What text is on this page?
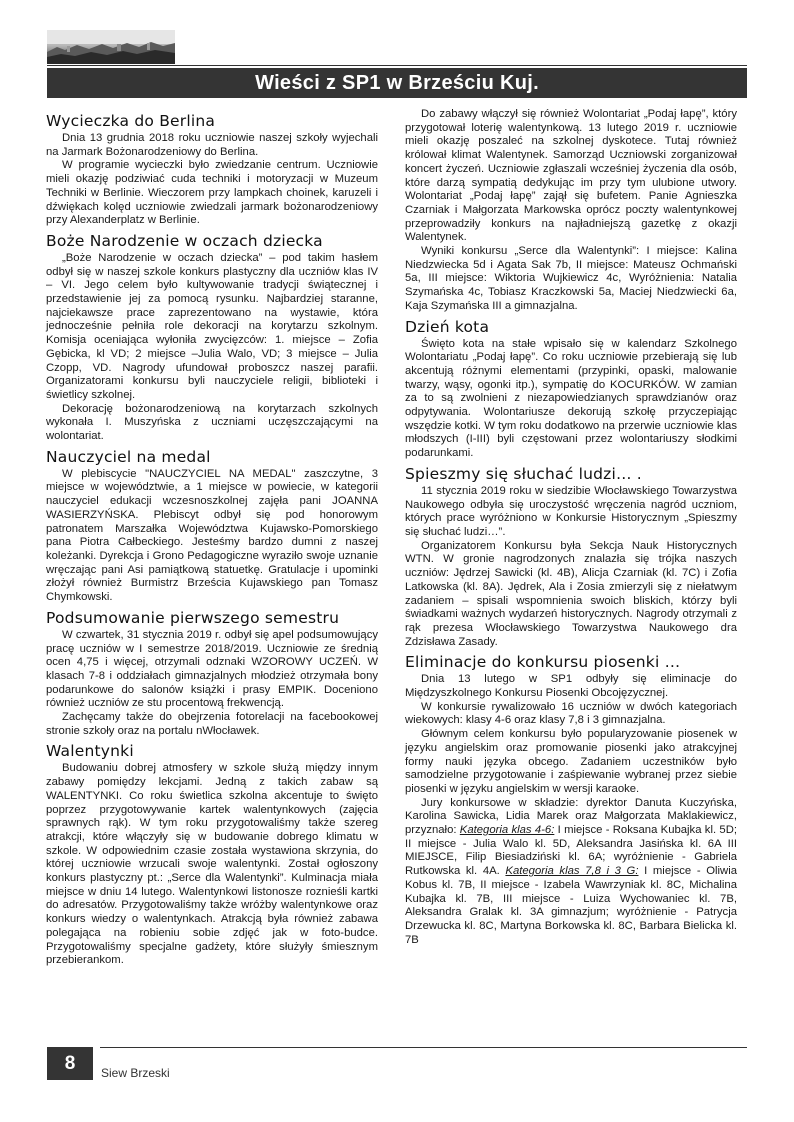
Wieści z SP1 w Brześciu Kuj.
Wycieczka do Berlina

Dnia 13 grudnia 2018 roku uczniowie naszej szkoły wyjechali na Jarmark Bożonarodzeniowy do Berlina.

W programie wycieczki było zwiedzanie centrum. Uczniowie mieli okazję podziwiać cuda techniki i motoryzacji w Muzeum Techniki w Berlinie. Wieczorem przy lampkach choinek, karuzeli i dźwiękach kolęd uczniowie zwiedzali jarmark bożonarodzeniowy przy Alexanderplatz w Berlinie.

Boże Narodzenie w oczach dziecka

„Boże Narodzenie w oczach dziecka” – pod takim hasłem odbył się w naszej szkole konkurs plastyczny dla uczniów klas IV – VI. Jego celem było kultywowanie tradycji świątecznej i przedstawienie jej za pomocą rysunku. Najbardziej staranne, najciekawsze prace zaprezentowano na wystawie, która jednocześnie pełniła role dekoracji na korytarzu szkolnym. Komisja oceniająca wyłoniła zwycięzców: 1. miejsce – Zofia Gębicka, kl VD; 2 miejsce –Julia Walo, VD; 3 miejsce – Julia Czopp, VD. Nagrody ufundował proboszcz naszej parafii. Organizatorami konkursu byli nauczyciele religii, biblioteki i świetlicy szkolnej.

Dekorację bożonarodzeniową na korytarzach szkolnych wykonała I. Muszyńska z uczniami uczęszczającymi na wolontariat.

Nauczyciel na medal

W plebiscycie "NAUCZYCIEL NA MEDAL" zaszczytne, 3 miejsce w województwie, a 1 miejsce w powiecie, w kategorii nauczyciel edukacji wczesnoszkolnej zajęła pani JOANNA WASIERZYŃSKA. Plebiscyt odbył się pod honorowym patronatem Marszałka Województwa Kujawsko-Pomorskiego pana Piotra Całbeckiego. Jesteśmy bardzo dumni z naszej koleżanki. Dyrekcja i Grono Pedagogiczne wyraziło swoje uznanie wręczając pani Asi pamiątkową statuetkę. Gratulacje i upominki złożył również Burmistrz Brześcia Kujawskiego pan Tomasz Chymkowski.

Podsumowanie pierwszego semestru

W czwartek, 31 stycznia 2019 r. odbył się apel podsumowujący pracę uczniów w I semestrze 2018/2019. Uczniowie ze średnią ocen 4,75 i więcej, otrzymali odznaki WZOROWY UCZEŃ. W klasach 7-8 i oddziałach gimnazjalnych młodzież otrzymała bony podarunkowe do salonów książki i prasy EMPIK. Doceniono również uczniów ze stu procentową frekwencją.

Zachęcamy także do obejrzenia fotorelacji na facebookowej stronie szkoły oraz na portalu nWłocławek.

Walentynki

Budowaniu dobrej atmosfery w szkole służą między innym zabawy pomiędzy lekcjami. Jedną z takich zabaw są WALENTYNKI. Co roku świetlica szkolna akcentuje to święto poprzez przygotowywanie kartek walentynkowych (zajęcia sprawnych rąk). W tym roku przygotowaliśmy także szereg atrakcji, które włączyły się w budowanie dobrego klimatu w szkole. W odpowiednim czasie została wystawiona skrzynia, do której uczniowie wrzucali swoje walentynki. Został ogłoszony konkurs plastyczny pt.: „Serce dla Walentynki”. Kulminacja miała miejsce w dniu 14 lutego. Walentynkowi listonosze roznieśli kartki do adresatów. Przygotowaliśmy także wróżby walentynkowe oraz konkurs wiedzy o walentynkach. Atrakcją była również zabawa polegająca na robieniu sobie zdjęć jak w foto-budce. Przygotowaliśmy specjalne gadżety, które służyły śmiesznym przebierankom.

Do zabawy włączył się również Wolontariat „Podaj łapę”, który przygotował loterię walentynkową. 13 lutego 2019 r. uczniowie mieli okazję poszaleć na szkolnej dyskotece. Tutaj również królował klimat Walentynek. Samorząd Uczniowski zorganizował koncert życzeń. Uczniowie zgłaszali wcześniej życzenia dla osób, które darzą sympatią dedykując im przy tym ulubione utwory. Wolontariat „Podaj łapę” zajął się bufetem. Panie Agnieszka Czarniak i Małgorzata Markowska oprócz poczty walentynkowej przeprowadziły konkurs na najładniejszą gazetkę z okazji Walentynek.

Wyniki konkursu „Serce dla Walentynki”: I miejsce: Kalina Niedzwiecka 5d i Agata Sak 7b, II miejsce: Mateusz Ochmański 5a, III miejsce: Wiktoria Wujkiewicz 4c, Wyróżnienia: Natalia Szymańska 4c, Tobiasz Kraczkowski 5a, Maciej Niedzwiecki 6a, Kaja Szymańska III a gimnazjalna.

Dzień kota

Święto kota na stałe wpisało się w kalendarz Szkolnego Wolontariatu „Podaj łapę”. Co roku uczniowie przebierają się lub akcentują różnymi elementami (przypinki, opaski, malowanie twarzy, wąsy, ogonki itp.), sympatię do KOCURKÓW. W zamian za to są zwolnieni z niezapowiedzianych sprawdzianów oraz odpytywania. Wolontariusze dekorują szkołę przyczepiając wszędzie kotki. W tym roku dodatkowo na przerwie uczniowie klas młodszych (I-III) byli częstowani przez wolontariuszy słodkimi podarunkami.

Spieszmy się słuchać ludzi… .

11 stycznia 2019 roku w siedzibie Włocławskiego Towarzystwa Naukowego odbyła się uroczystość wręczenia nagród uczniom, których prace wyróżniono w Konkursie Historycznym „Spieszmy się słuchać ludzi…”.

Organizatorem Konkursu była Sekcja Nauk Historycznych WTN. W gronie nagrodzonych znalazła się trójka naszych uczniów: Jędrzej Sawicki (kl. 4B), Alicja Czarniak (kl. 7C) i Zofia Latkowska (kl. 8A). Jędrek, Ala i Zosia zmierzyli się z niełatwym zadaniem – spisali wspomnienia swoich bliskich, którzy byli świadkami ważnych wydarzeń historycznych. Nagrody otrzymali z rąk prezesa Włocławskiego Towarzystwa Naukowego dra Zdzisława Zasady.

Eliminacje do konkursu piosenki …

Dnia 13 lutego w SP1 odbyły się eliminacje do Międzyszkolnego Konkursu Piosenki Obcojęzycznej.

W konkursie rywalizowało 16 uczniów w dwóch kategoriach wiekowych: klasy 4-6 oraz klasy 7,8 i 3 gimnazjalna.

Głównym celem konkursu było popularyzowanie piosenek w języku angielskim oraz promowanie piosenki jako atrakcyjnej formy nauki języka obcego. Zadaniem uczestników było samodzielne przygotowanie i zaśpiewanie wybranej przez siebie piosenki w języku angielskim w wersji karaoke.

Jury konkursowe w składzie: dyrektor Danuta Kuczyńska, Karolina Sawicka, Lidia Marek oraz Małgorzata Maklakiewicz, przyznało: Kategoria klas 4-6: I miejsce - Roksana Kubajka kl. 5D; II miejsce - Julia Walo kl. 5D, Aleksandra Jasińska kl. 6A III MIEJSCE, Filip Biesiadziński kl. 6A; wyróżnienie - Gabriela Rutkowska kl. 4A. Kategoria klas 7,8 i 3 G: I miejsce - Oliwia Kobus kl. 7B, II miejsce - Izabela Wawrzyniak kl. 8C, Michalina Kubajka kl. 7B, III miejsce - Luiza Wychowaniec kl. 7B, Aleksandra Gralak kl. 3A gimnazjum; wyróżnienie - Patrycja Drzewucka kl. 8C, Martyna Borkowska kl. 8C, Barbara Bielicka kl. 7B

8	Siew Brzeski
